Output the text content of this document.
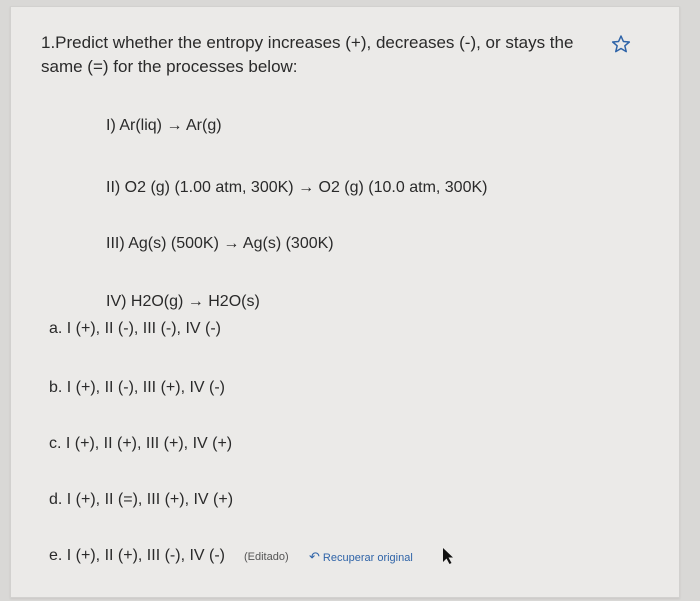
1.Predict whether the entropy increases (+), decreases (-), or stays the same (=) for the processes below:
I) Ar(liq) → Ar(g)
II) O2 (g) (1.00 atm, 300K) → O2 (g) (10.0 atm, 300K)
III) Ag(s) (500K) → Ag(s) (300K)
IV) H2O(g) → H2O(s)
a. I (+), II (-), III (-), IV (-)
b. I (+), II (-), III (+), IV (-)
c. I (+), II (+), III (+), IV (+)
d. I (+), II (=), III (+), IV (+)
e. I (+), II (+), III (-), IV (-) (Editado) ↶ Recuperar original
